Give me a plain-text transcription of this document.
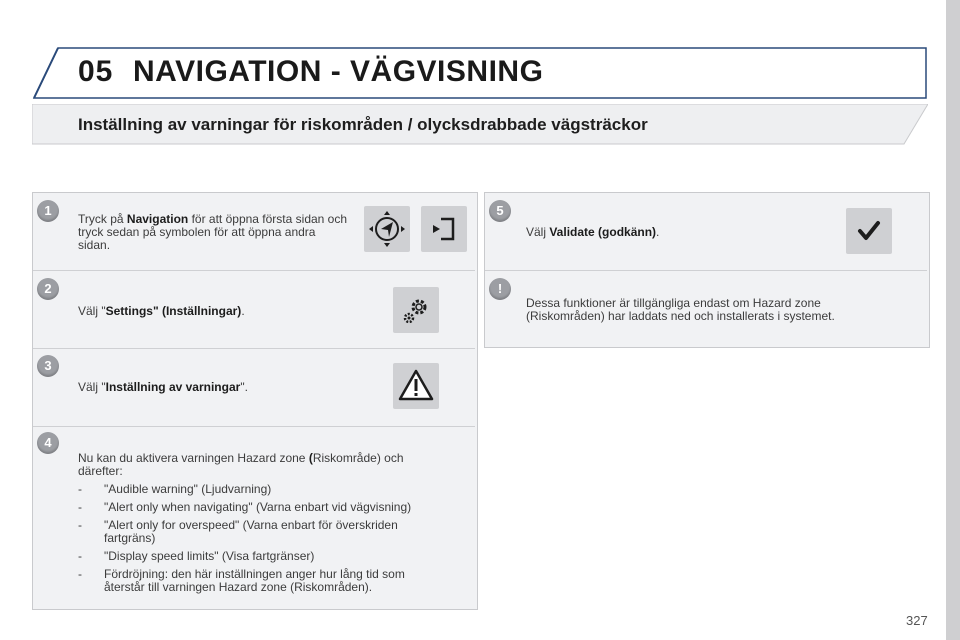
05 NAVIGATION - VÄGVISNING
Inställning av varningar för riskområden / olycksdrabbade vägsträckor
1
Tryck på Navigation för att öppna första sidan och tryck sedan på symbolen för att öppna andra sidan.
2
Välj "Settings" (Inställningar).
3
Välj "Inställning av varningar".
4
Nu kan du aktivera varningen Hazard zone (Riskområde) och därefter:
- "Audible warning" (Ljudvarning)
- "Alert only when navigating" (Varna enbart vid vägvisning)
- "Alert only for overspeed" (Varna enbart för överskriden fartgräns)
- "Display speed limits" (Visa fartgränser)
- Fördröjning: den här inställningen anger hur lång tid som återstår till varningen Hazard zone (Riskområden).
5
Välj Validate (godkänn).
!
Dessa funktioner är tillgängliga endast om Hazard zone (Riskområden) har laddats ned och installerats i systemet.
327
